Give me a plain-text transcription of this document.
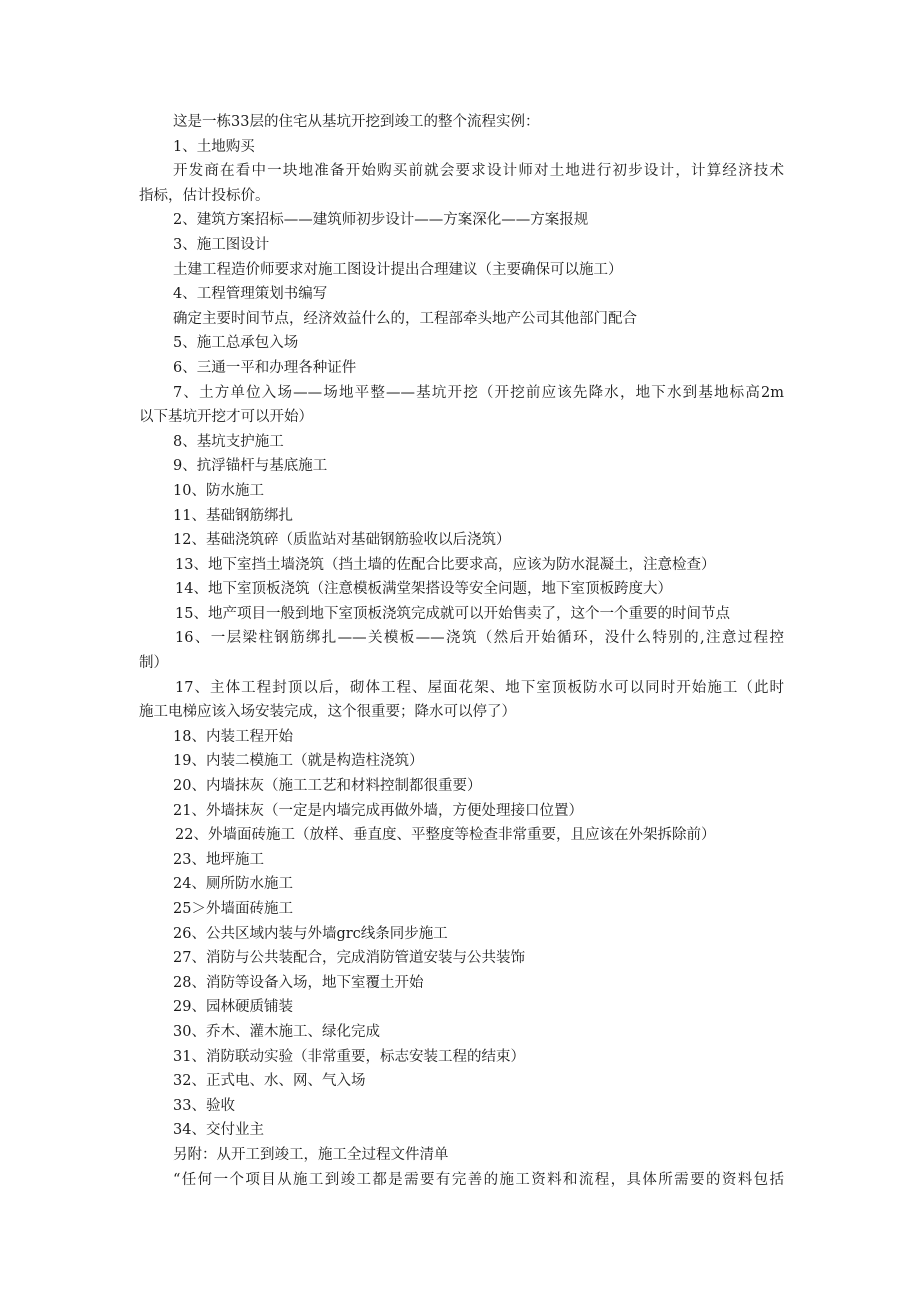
这是一栋33层的住宅从基坑开挖到竣工的整个流程实例：
1、土地购买
开发商在看中一块地准备开始购买前就会要求设计师对土地进行初步设计，计算经济技术
指标，估计投标价。
2、建筑方案招标——建筑师初步设计——方案深化——方案报规
3、施工图设计
土建工程造价师要求对施工图设计提出合理建议（主要确保可以施工）
4、工程管理策划书编写
确定主要时间节点，经济效益什么的，工程部牵头地产公司其他部门配合
5、施工总承包入场
6、三通一平和办理各种证件
7、土方单位入场——场地平整——基坑开挖（开挖前应该先降水，地下水到基地标高2m
以下基坑开挖才可以开始）
8、基坑支护施工
9、抗浮锚杆与基底施工
10、防水施工
11、基础钢筋绑扎
12、基础浇筑碎（质监站对基础钢筋验收以后浇筑）
13、地下室挡土墙浇筑（挡土墙的佐配合比要求高，应该为防水混凝土，注意检查）
14、地下室顶板浇筑（注意模板满堂架搭设等安全问题，地下室顶板跨度大）
15、地产项目一般到地下室顶板浇筑完成就可以开始售卖了，这个一个重要的时间节点
16、一层梁柱钢筋绑扎——关模板——浇筑（然后开始循环，没什么特别的,注意过程控
制）
17、主体工程封顶以后，砌体工程、屋面花架、地下室顶板防水可以同时开始施工（此时
施工电梯应该入场安装完成，这个很重要；降水可以停了）
18、内装工程开始
19、内装二模施工（就是构造柱浇筑）
20、内墙抹灰（施工工艺和材料控制都很重要）
21、外墙抹灰（一定是内墙完成再做外墙，方便处理接口位置）
22、外墙面砖施工（放样、垂直度、平整度等检查非常重要，且应该在外架拆除前）
23、地坪施工
24、厕所防水施工
25＞外墙面砖施工
26、公共区域内装与外墙grc线条同步施工
27、消防与公共装配合，完成消防管道安装与公共装饰
28、消防等设备入场，地下室覆土开始
29、园林硬质铺装
30、乔木、灌木施工、绿化完成
31、消防联动实验（非常重要，标志安装工程的结束）
32、正式电、水、网、气入场
33、验收
34、交付业主
另附：从开工到竣工，施工全过程文件清单
“任何一个项目从施工到竣工都是需要有完善的施工资料和流程，具体所需要的资料包括
